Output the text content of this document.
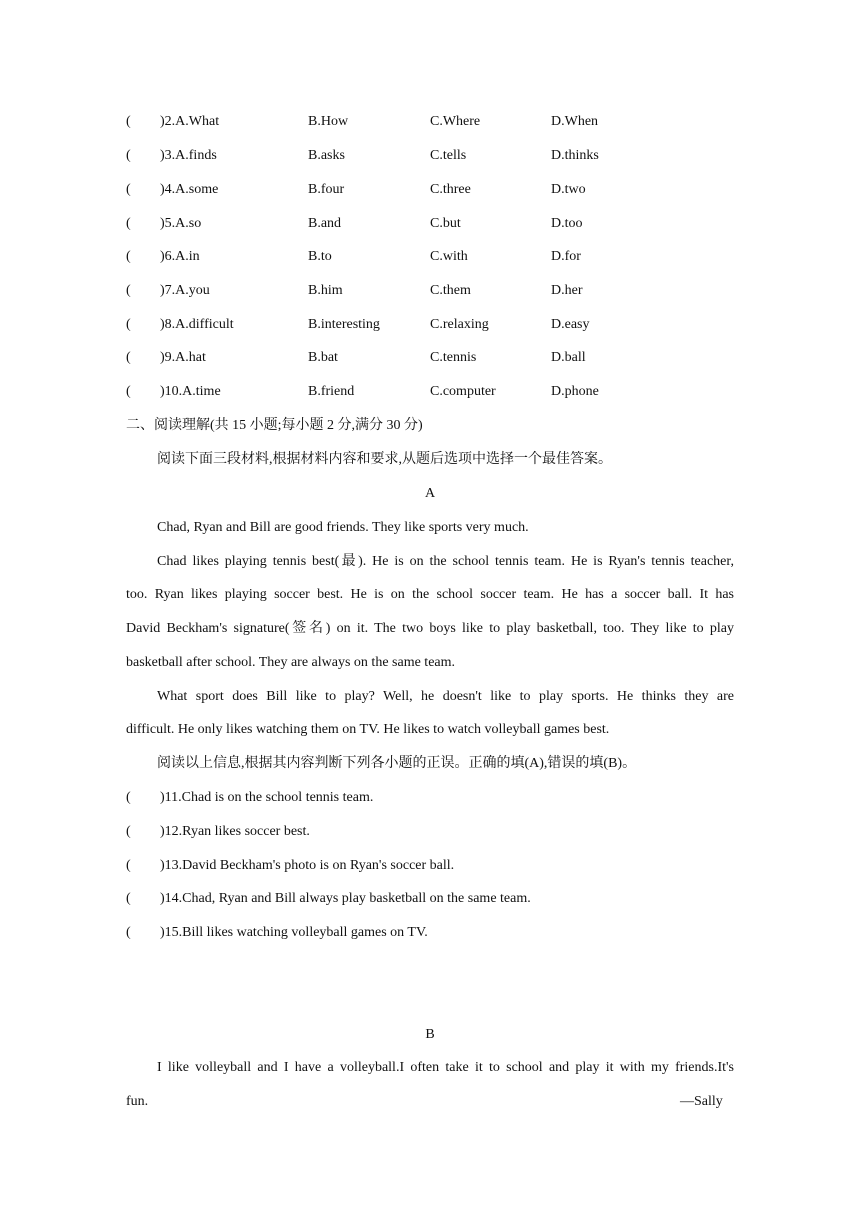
( )2.A.What	B.How	C.Where	D.When
( )3.A.finds	B.asks	C.tells	D.thinks
( )4.A.some	B.four	C.three	D.two
( )5.A.so	B.and	C.but	D.too
( )6.A.in	B.to	C.with	D.for
( )7.A.you	B.him	C.them	D.her
( )8.A.difficult	B.interesting	C.relaxing	D.easy
( )9.A.hat	B.bat	C.tennis	D.ball
( )10.A.time	B.friend	C.computer	D.phone
二、阅读理解(共 15 小题;每小题 2 分,满分 30 分)
阅读下面三段材料,根据材料内容和要求,从题后选项中选择一个最佳答案。
A
Chad, Ryan and Bill are good friends. They like sports very much.
Chad likes playing tennis best(最). He is on the school tennis team. He is Ryan's tennis teacher,
too. Ryan likes playing soccer best. He is on the school soccer team. He has a soccer ball. It has
David Beckham's signature(签名) on it. The two boys like to play basketball, too. They like to play
basketball after school. They are always on the same team.
What sport does Bill like to play? Well, he doesn't like to play sports. He thinks they are
difficult. He only likes watching them on TV. He likes to watch volleyball games best.
阅读以上信息,根据其内容判断下列各小题的正误。正确的填(A),错误的填(B)。
( )11.Chad is on the school tennis team.
( )12.Ryan likes soccer best.
( )13.David Beckham's photo is on Ryan's soccer ball.
( )14.Chad, Ryan and Bill always play basketball on the same team.
( )15.Bill likes watching volleyball games on TV.
B
I like volleyball and I have a volleyball.I often take it to school and play it with my friends.It's
fun.	—Sally
